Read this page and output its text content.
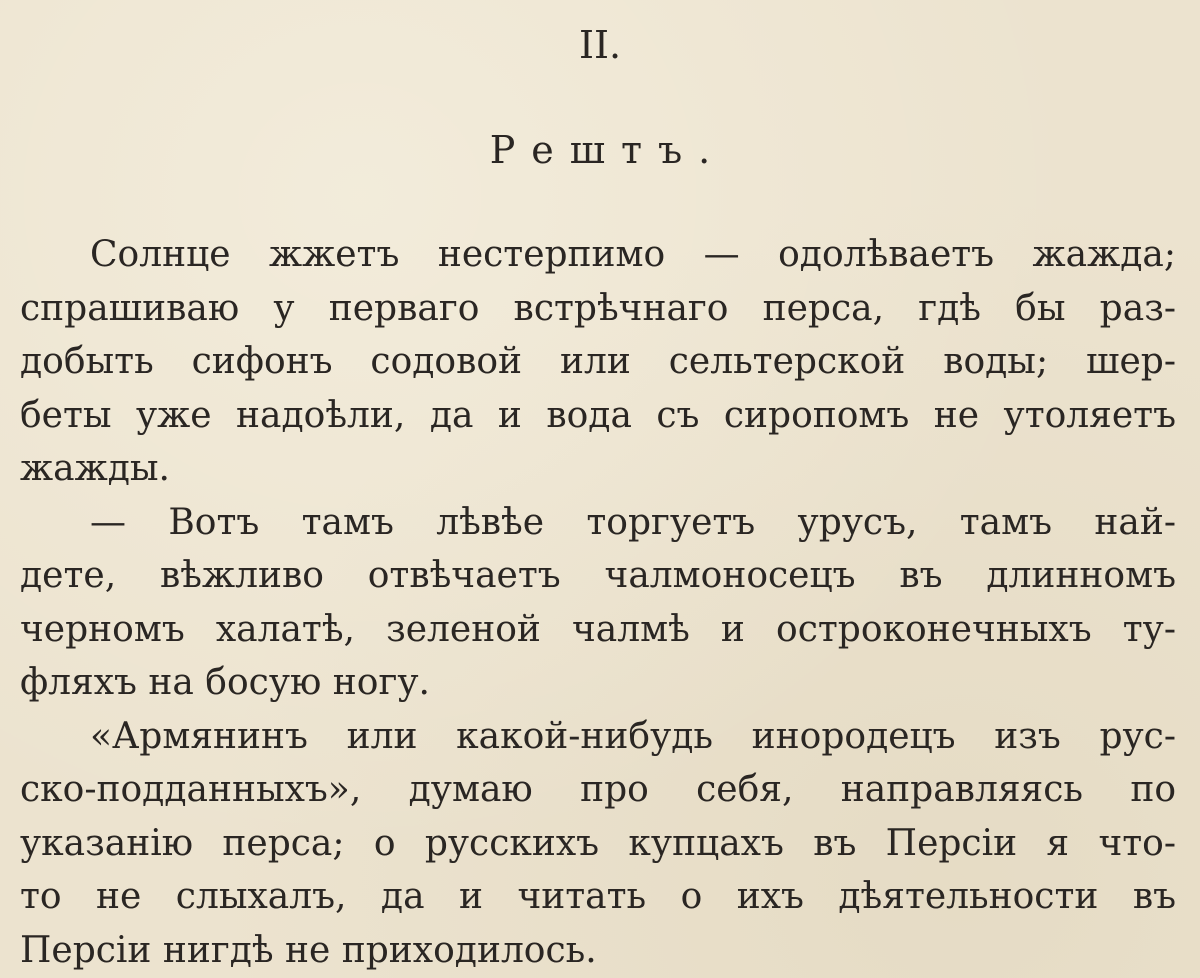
II.
Рештъ.
Солнце жжетъ нестерпимо — одолѣваетъ жажда;
спрашиваю у перваго встрѣчнаго перса, гдѣ бы раз-
добыть сифонъ содовой или сельтерской воды; шер-
беты уже надоѣли, да и вода съ сиропомъ не утоляетъ
жажды.
— Вотъ тамъ лѣвѣе торгуетъ урусъ, тамъ най-
дете, вѣжливо отвѣчаетъ чалмоносецъ въ длинномъ
черномъ халатѣ, зеленой чалмѣ и остроконечныхъ ту-
фляхъ на босую ногу.
«Армянинъ или какой-нибудь инородецъ изъ рус-
ско-подданныхъ», думаю про себя, направляясь по
указанію перса; о русскихъ купцахъ въ Персіи я что-
то не слыхалъ, да и читать о ихъ дѣятельности въ
Персіи нигдѣ не приходилось.
